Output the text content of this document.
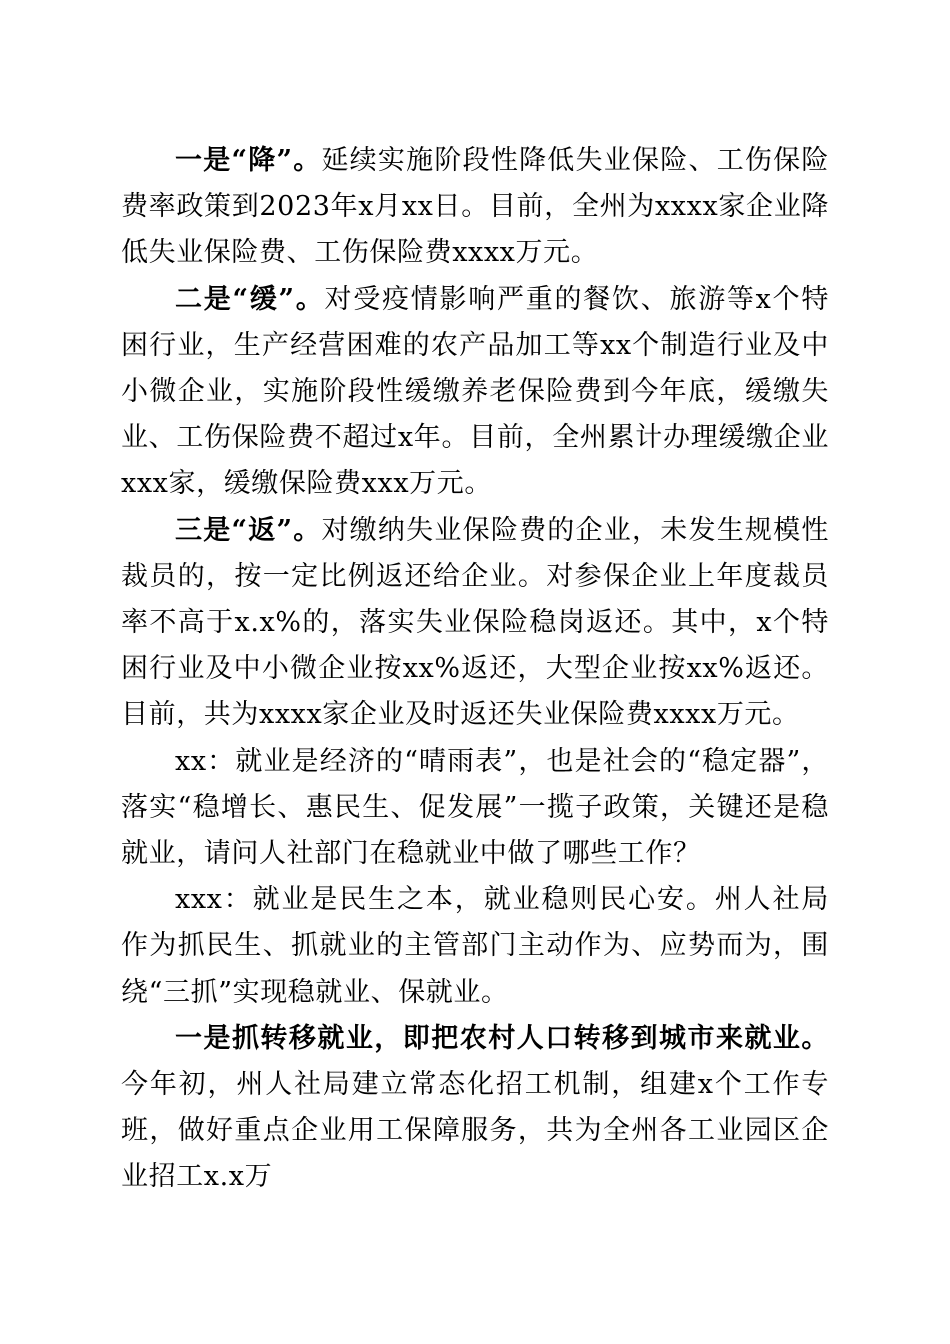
一是“降”。延续实施阶段性降低失业保险、工伤保险费率政策到2023年x月xx日。目前，全州为xxxx家企业降低失业保险费、工伤保险费xxxx万元。

二是“缓”。对受疫情影响严重的餐饮、旅游等x个特困行业，生产经营困难的农产品加工等xx个制造行业及中小微企业，实施阶段性缓缴养老保险费到今年底，缓缴失业、工伤保险费不超过x年。目前，全州累计办理缓缴企业xxx家，缓缴保险费xxx万元。

三是“返”。对缴纳失业保险费的企业，未发生规模性裁员的，按一定比例返还给企业。对参保企业上年度裁员率不高于x.x%的，落实失业保险稳岗返还。其中，x个特困行业及中小微企业按xx%返还，大型企业按xx%返还。目前，共为xxxx家企业及时返还失业保险费xxxx万元。

xx：就业是经济的“晴雨表”，也是社会的“稳定器”，落实“稳增长、惠民生、促发展”一揽子政策，关键还是稳就业，请问人社部门在稳就业中做了哪些工作？

xxx：就业是民生之本，就业稳则民心安。州人社局作为抓民生、抓就业的主管部门主动作为、应势而为，围绕“三抓”实现稳就业、保就业。

一是抓转移就业，即把农村人口转移到城市来就业。今年初，州人社局建立常态化招工机制，组建x个工作专班，做好重点企业用工保障服务，共为全州各工业园区企业招工x.x万
